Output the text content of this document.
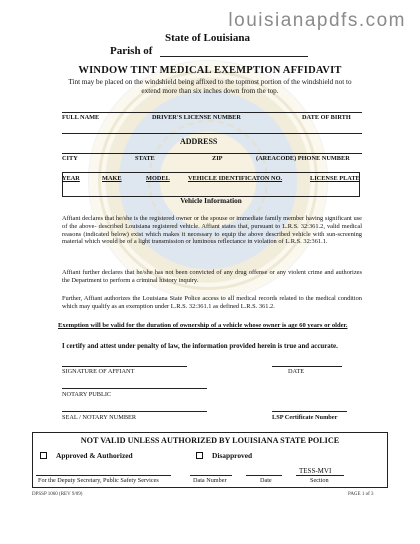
louisianapdfs.com
State of Louisiana
Parish of
WINDOW TINT MEDICAL EXEMPTION AFFIDAVIT
Tint may be placed on the windshield being affixed to the topmost portion of the windshield not to extend more than six inches down from the top.
FULL NAME	DRIVER'S LICENSE NUMBER	DATE OF BIRTH
ADDRESS
CITY	STATE	ZIP	(AREACODE) PHONE NUMBER
YEAR	MAKE	MODEL	VEHICLE IDENTIFICATON NO.	LICENSE PLATE
Vehicle Information
Affiant declares that he/she is the registered owner or the spouse or immediate family member having significant use of the above- described Louisiana registered vehicle. Affiant states that, pursuant to L.R.S. 32:361.2, valid medical reasons (indicated below) exist which makes it necessary to equip the above described vehicle with sun-screening material which would be of a light transmission or luminous reflectance in violation of L.R.S. 32:361.1.
Affiant further declares that he/she has not been convicted of any drug offense or any violent crime and authorizes the Department to perform a criminal history inquiry.
Further, Affiant authorizes the Louisiana State Police access to all medical records related to the medical condition which may qualify as an exemption under L.R.S. 32:361.1 as defined L.R.S. 361.2.
Exemption will be valid for the duration of ownership of a vehicle whose owner is age 60 years or older.
I certify and attest under penalty of law, the information provided herein is true and accurate.
SIGNATURE OF AFFIANT	DATE
NOTARY PUBLIC
SEAL / NOTARY NUMBER	LSP Certificate Number
NOT VALID UNLESS AUTHORIZED BY LOUISIANA STATE POLICE
Approved & Authorized	Disapproved
TESS-MVI
For the Deputy Secretary, Public Safety Services	Data Number	Date	Section
DPSSP 1060 (REV 9/09)	PAGE 1 of 3
